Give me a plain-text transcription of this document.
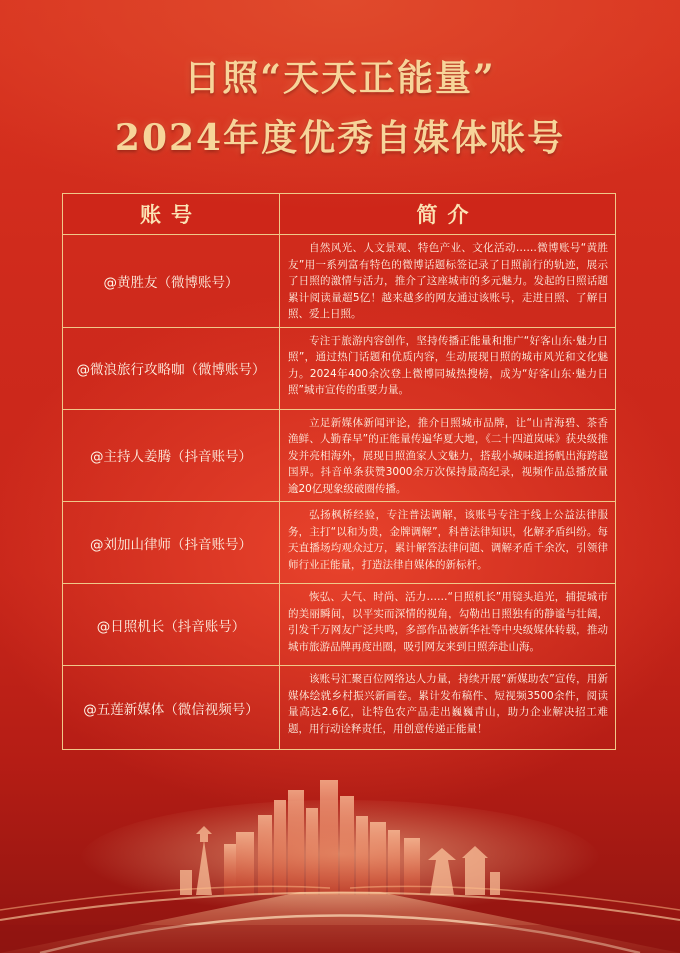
日照“天天正能量”
2024年度优秀自媒体账号
账号	简介
@黄胜友（微博账号）	自然风光、人文景观、特色产业、文化活动……微博账号“黄胜友”用一系列富有特色的微博话题标签记录了日照前行的轨迹，展示了日照的激情与活力，推介了这座城市的多元魅力。发起的日照话题累计阅读量超5亿！越来越多的网友通过该账号，走进日照、了解日照、爱上日照。
@微浪旅行攻略咖（微博账号）	专注于旅游内容创作，坚持传播正能量和推广“好客山东·魅力日照”，通过热门话题和优质内容，生动展现日照的城市风光和文化魅力。2024年400余次登上微博同城热搜榜，成为“好客山东·魅力日照”城市宣传的重要力量。
@主持人姜腾（抖音账号）	立足新媒体新闻评论，推介日照城市品牌，让“山青海碧、茶香渔鲜、人勤春早”的正能量传遍华夏大地，《二十四道岚味》获央级推发并亮相海外，展现日照渔家人文魅力，搭载小城味道扬帆出海跨越国界。抖音单条获赞3000余万次保持最高纪录，视频作品总播放量逾20亿现象级破圈传播。
@刘加山律师（抖音账号）	弘扬枫桥经验，专注普法调解，该账号专注于线上公益法律服务，主打“以和为贵，金牌调解”，科普法律知识，化解矛盾纠纷。每天直播场均观众过万，累计解答法律问题、调解矛盾千余次，引领律师行业正能量，打造法律自媒体的新标杆。
@日照机长（抖音账号）	恢弘、大气、时尚、活力……“日照机长”用镜头追光，捕捉城市的美丽瞬间，以平实而深情的视角，勾勒出日照独有的静谧与壮阔，引发千万网友广泛共鸣，多部作品被新华社等中央级媒体转载，推动城市旅游品牌再度出圈，吸引网友来到日照奔赴山海。
@五莲新媒体（微信视频号）	该账号汇聚百位网络达人力量，持续开展“新媒助农”宣传，用新媒体绘就乡村振兴新画卷。累计发布稿件、短视频3500余件，阅读量高达2.6亿，让特色农产品走出巍巍青山，助力企业解决招工难题，用行动诠释责任，用创意传递正能量！
